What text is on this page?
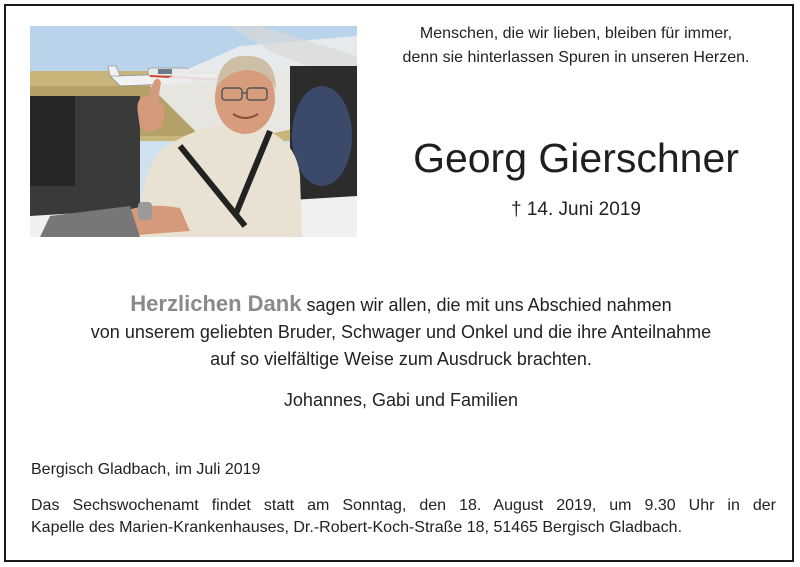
Menschen, die wir lieben, bleiben für immer,
denn sie hinterlassen Spuren in unseren Herzen.
Georg Gierschner
† 14. Juni 2019
Herzlichen Dank sagen wir allen, die mit uns Abschied nahmen
von unserem geliebten Bruder, Schwager und Onkel und die ihre Anteilnahme
auf so vielfältige Weise zum Ausdruck brachten.
Johannes, Gabi und Familien
Bergisch Gladbach, im Juli 2019
Das Sechswochenamt findet statt am Sonntag, den 18. August 2019, um 9.30 Uhr in der
Kapelle des Marien-Krankenhauses, Dr.-Robert-Koch-Straße 18, 51465 Bergisch Gladbach.
